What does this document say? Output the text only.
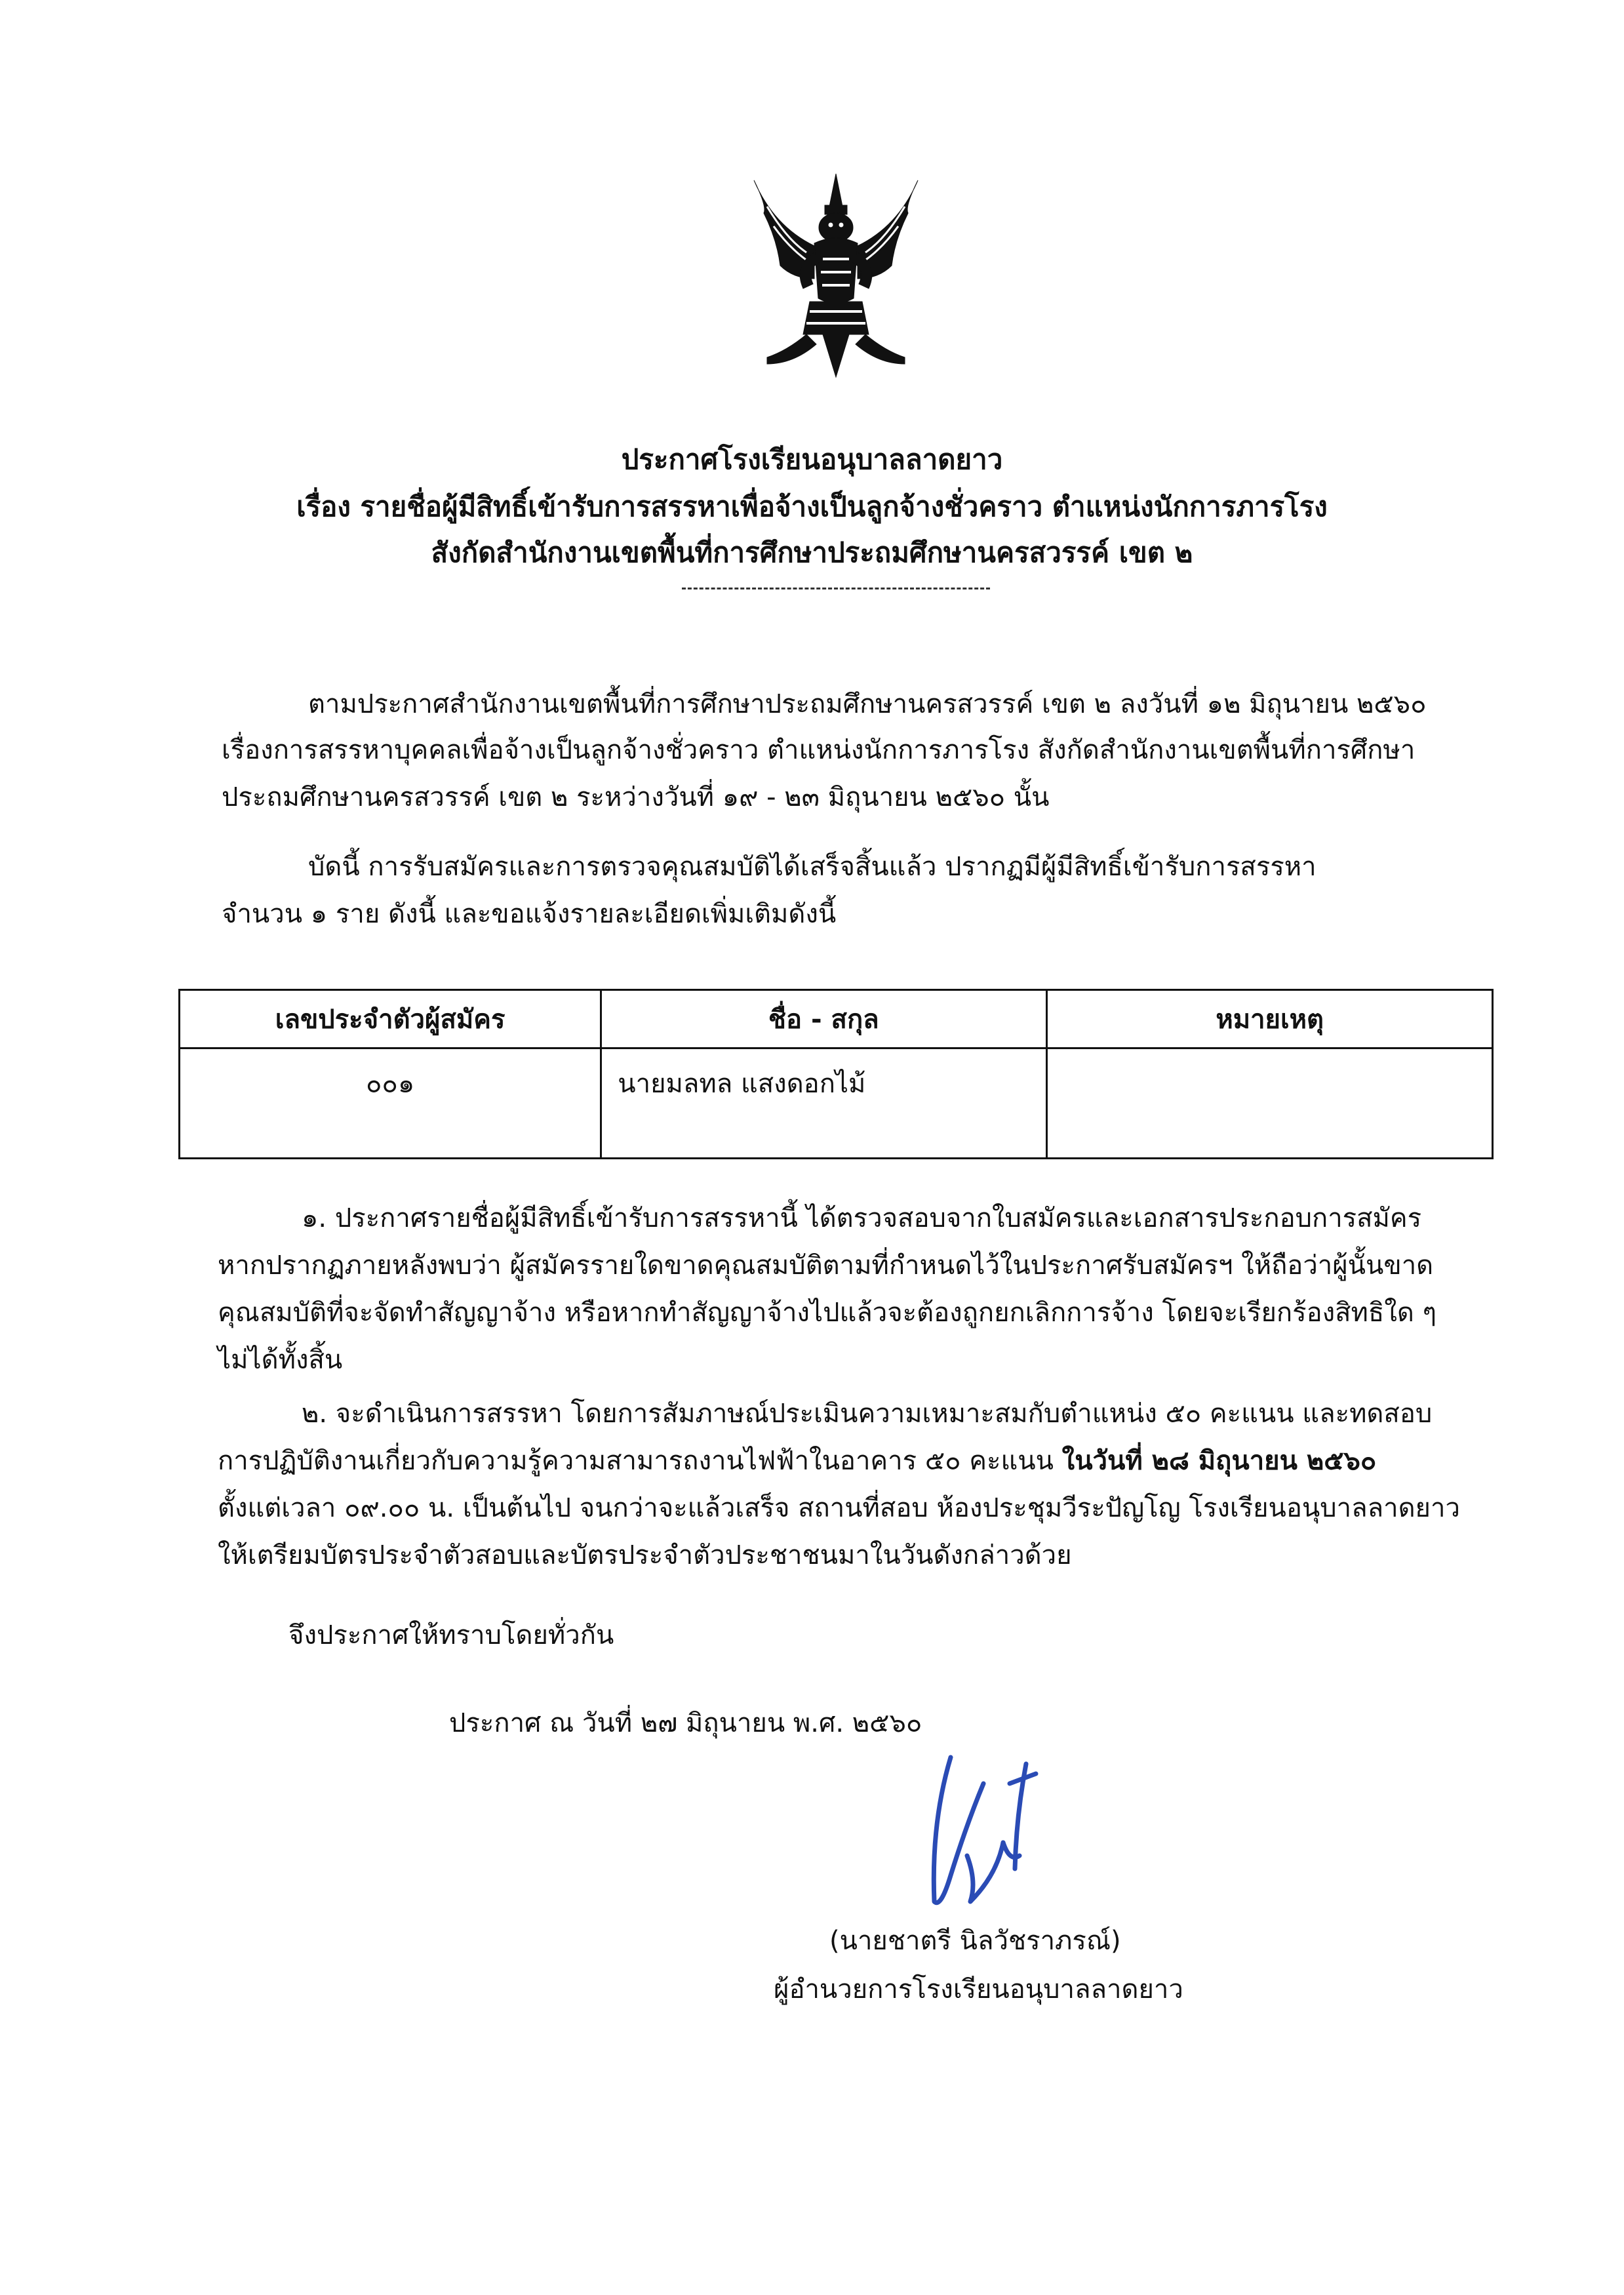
ประกาศโรงเรียนอนุบาลลาดยาว
เรื่อง รายชื่อผู้มีสิทธิ์เข้ารับการสรรหาเพื่อจ้างเป็นลูกจ้างชั่วคราว ตำแหน่งนักการภารโรง
สังกัดสำนักงานเขตพื้นที่การศึกษาประถมศึกษานครสวรรค์ เขต ๒

ตามประกาศสำนักงานเขตพื้นที่การศึกษาประถมศึกษานครสวรรค์ เขต ๒ ลงวันที่ ๑๒ มิถุนายน ๒๕๖๐

เรื่องการสรรหาบุคคลเพื่อจ้างเป็นลูกจ้างชั่วคราว ตำแหน่งนักการภารโรง สังกัดสำนักงานเขตพื้นที่การศึกษา

ประถมศึกษานครสวรรค์ เขต ๒ ระหว่างวันที่ ๑๙ - ๒๓ มิถุนายน ๒๕๖๐ นั้น

บัดนี้ การรับสมัครและการตรวจคุณสมบัติได้เสร็จสิ้นแล้ว ปรากฏมีผู้มีสิทธิ์เข้ารับการสรรหา

จำนวน ๑ ราย ดังนี้ และขอแจ้งรายละเอียดเพิ่มเติมดังนี้

เลขประจำตัวผู้สมัคร	ชื่อ - สกุล	หมายเหตุ
๐๐๑	นายมลทล แสงดอกไม้	

๑. ประกาศรายชื่อผู้มีสิทธิ์เข้ารับการสรรหานี้ ได้ตรวจสอบจากใบสมัครและเอกสารประกอบการสมัคร

หากปรากฏภายหลังพบว่า ผู้สมัครรายใดขาดคุณสมบัติตามที่กำหนดไว้ในประกาศรับสมัครฯ ให้ถือว่าผู้นั้นขาด

คุณสมบัติที่จะจัดทำสัญญาจ้าง หรือหากทำสัญญาจ้างไปแล้วจะต้องถูกยกเลิกการจ้าง โดยจะเรียกร้องสิทธิใด ๆ

ไม่ได้ทั้งสิ้น

๒. จะดำเนินการสรรหา โดยการสัมภาษณ์ประเมินความเหมาะสมกับตำแหน่ง ๕๐ คะแนน และทดสอบ

การปฏิบัติงานเกี่ยวกับความรู้ความสามารถงานไฟฟ้าในอาคาร ๕๐ คะแนน ในวันที่ ๒๘ มิถุนายน ๒๕๖๐

ตั้งแต่เวลา ๐๙.๐๐ น. เป็นต้นไป จนกว่าจะแล้วเสร็จ สถานที่สอบ ห้องประชุมวีระปัญโญ โรงเรียนอนุบาลลาดยาว

ให้เตรียมบัตรประจำตัวสอบและบัตรประจำตัวประชาชนมาในวันดังกล่าวด้วย

จึงประกาศให้ทราบโดยทั่วกัน

ประกาศ ณ วันที่ ๒๗ มิถุนายน พ.ศ. ๒๕๖๐

(นายชาตรี นิลวัชราภรณ์)
ผู้อำนวยการโรงเรียนอนุบาลลาดยาว
